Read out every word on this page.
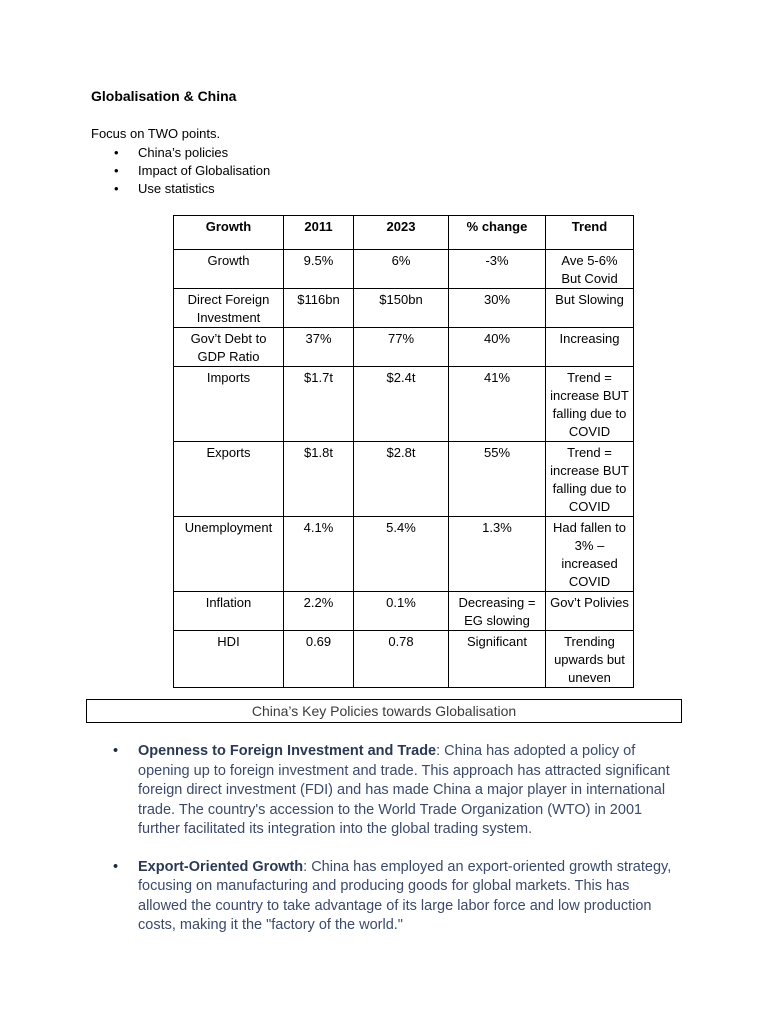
Globalisation & China
Focus on TWO points.
• China’s policies
• Impact of Globalisation
• Use statistics
Growth	2011	2023	% change	Trend
Growth	9.5%	6%	-3%	Ave 5-6% But Covid
Direct Foreign Investment	$116bn	$150bn	30%	But Slowing
Gov’t Debt to GDP Ratio	37%	77%	40%	Increasing
Imports	$1.7t	$2.4t	41%	Trend = increase BUT falling due to COVID
Exports	$1.8t	$2.8t	55%	Trend = increase BUT falling due to COVID
Unemployment	4.1%	5.4%	1.3%	Had fallen to 3% – increased COVID
Inflation	2.2%	0.1%	Decreasing = EG slowing	Gov’t Polivies
HDI	0.69	0.78	Significant	Trending upwards but uneven
China’s Key Policies towards Globalisation
• Openness to Foreign Investment and Trade: China has adopted a policy of opening up to foreign investment and trade. This approach has attracted significant foreign direct investment (FDI) and has made China a major player in international trade. The country's accession to the World Trade Organization (WTO) in 2001 further facilitated its integration into the global trading system.
• Export-Oriented Growth: China has employed an export-oriented growth strategy, focusing on manufacturing and producing goods for global markets. This has allowed the country to take advantage of its large labor force and low production costs, making it the "factory of the world."
